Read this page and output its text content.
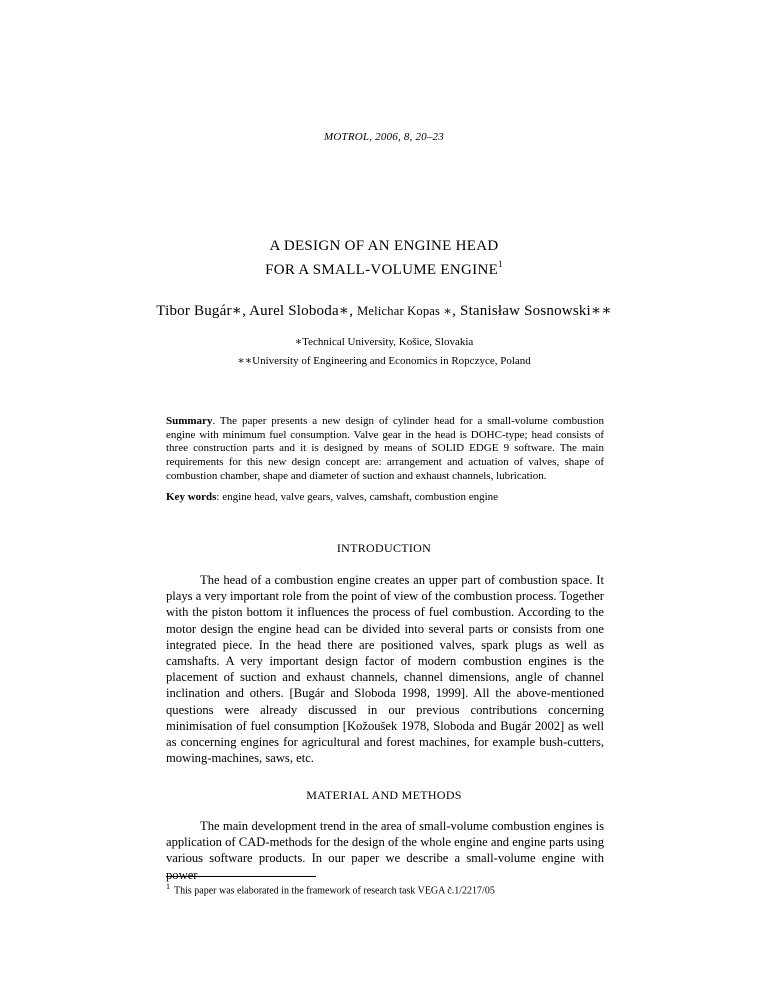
MOTROL, 2006, 8, 20–23
A DESIGN OF AN ENGINE HEAD
FOR A SMALL-VOLUME ENGINE$^1$
Tibor Bugár∗, Aurel Sloboda∗, Melichar Kopas ∗, Stanisław Sosnowski∗∗
∗Technical University, Košice, Slovakia
∗∗University of Engineering and Economics in Ropczyce, Poland
Summary. The paper presents a new design of cylinder head for a small-volume combustion engine with minimum fuel consumption. Valve gear in the head is DOHC-type; head consists of three construction parts and it is designed by means of SOLID EDGE 9 software. The main requirements for this new design concept are: arrangement and actuation of valves, shape of combustion chamber, shape and diameter of suction and exhaust channels, lubrication.
Key words: engine head, valve gears, valves, camshaft, combustion engine
INTRODUCTION
The head of a combustion engine creates an upper part of combustion space. It plays a very important role from the point of view of the combustion process. Together with the piston bottom it influences the process of fuel combustion. According to the motor design the engine head can be divided into several parts or consists from one integrated piece. In the head there are positioned valves, spark plugs as well as camshafts. A very important design factor of modern combustion engines is the placement of suction and exhaust channels, channel dimensions, angle of channel inclination and others. [Bugár and Sloboda 1998, 1999]. All the above-mentioned questions were already discussed in our previous contributions concerning minimisation of fuel consumption [Kožoušek 1978, Sloboda and Bugár 2002] as well as concerning engines for agricultural and forest machines, for example bush-cutters, mowing-machines, saws, etc.
MATERIAL AND METHODS
The main development trend in the area of small-volume combustion engines is application of CAD-methods for the design of the whole engine and engine parts using various software products. In our paper we describe a small-volume engine with power
$^1$ This paper was elaborated in the framework of research task VEGA č.1/2217/05
